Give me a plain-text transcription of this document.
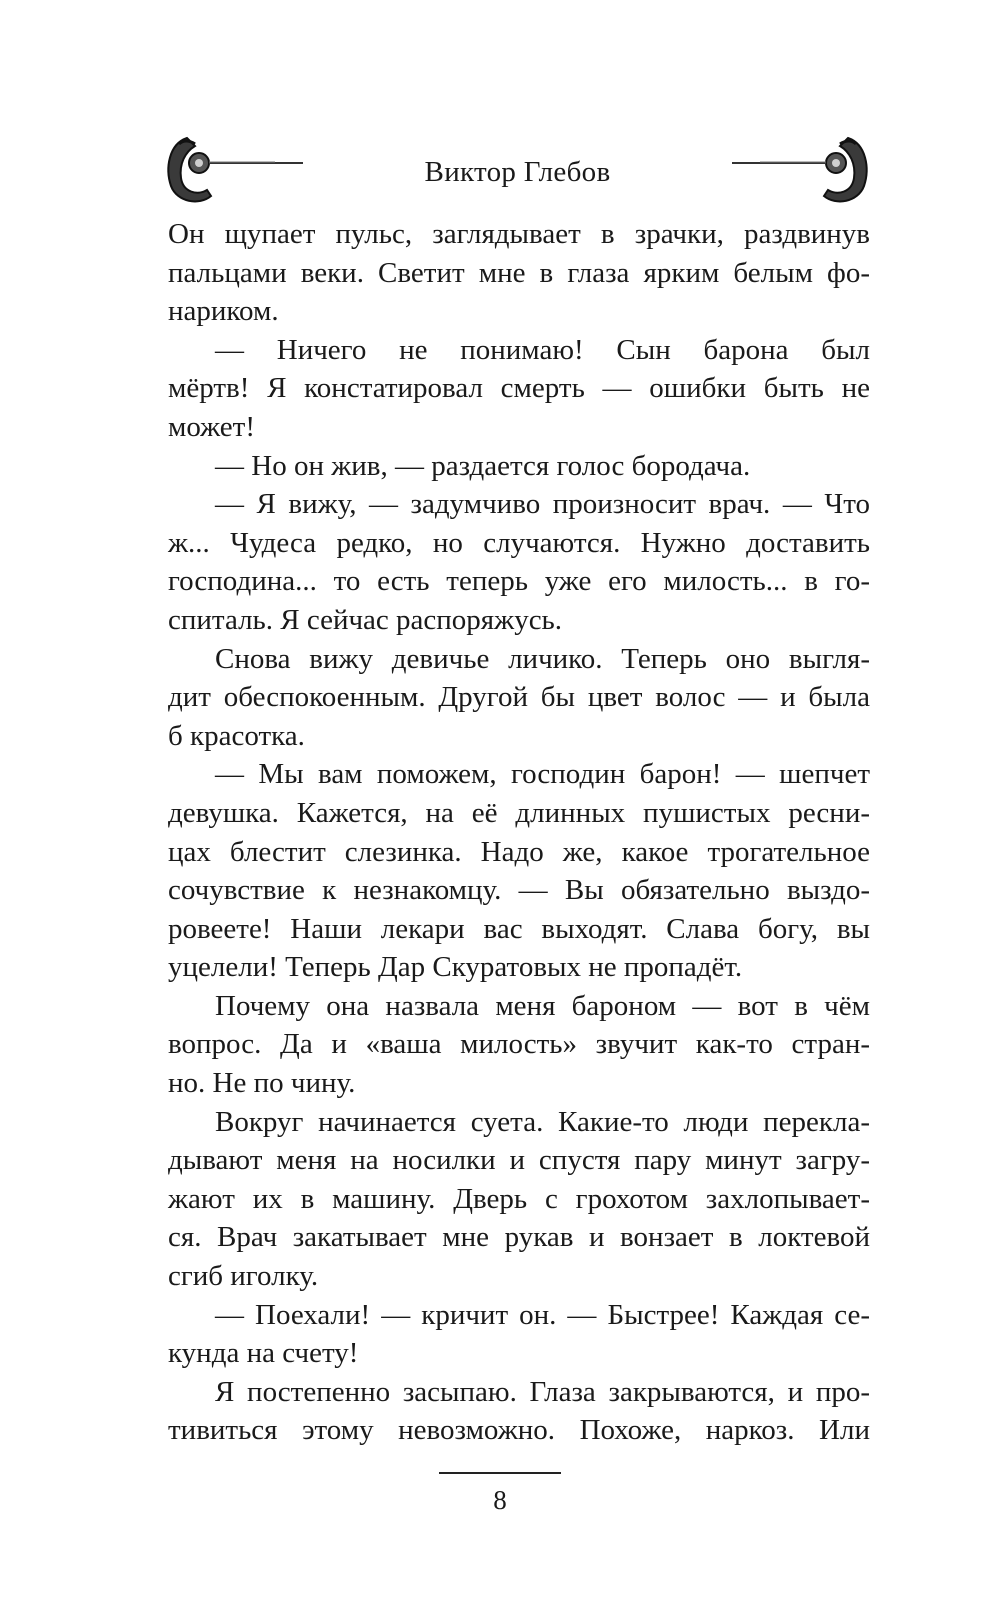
Виктор Глебов
Он щупает пульс, заглядывает в зрачки, раздвинув
пальцами веки. Светит мне в глаза ярким белым фо-
нариком.
— Ничего не понимаю! Сын барона был
мёртв! Я констатировал смерть — ошибки быть не
может!
— Но он жив, — раздается голос бородача.
— Я вижу, — задумчиво произносит врач. — Что
ж... Чудеса редко, но случаются. Нужно доставить
господина... то есть теперь уже его милость... в го-
спиталь. Я сейчас распоряжусь.
Снова вижу девичье личико. Теперь оно выгля-
дит обеспокоенным. Другой бы цвет волос — и была
б красотка.
— Мы вам поможем, господин барон! — шепчет
девушка. Кажется, на её длинных пушистых ресни-
цах блестит слезинка. Надо же, какое трогательное
сочувствие к незнакомцу. — Вы обязательно выздо-
ровеете! Наши лекари вас выходят. Слава богу, вы
уцелели! Теперь Дар Скуратовых не пропадёт.
Почему она назвала меня бароном — вот в чём
вопрос. Да и «ваша милость» звучит как-то стран-
но. Не по чину.
Вокруг начинается суета. Какие-то люди перекла-
дывают меня на носилки и спустя пару минут загру-
жают их в машину. Дверь с грохотом захлопывает-
ся. Врач закатывает мне рукав и вонзает в локтевой
сгиб иголку.
— Поехали! — кричит он. — Быстрее! Каждая се-
кунда на счету!
Я постепенно засыпаю. Глаза закрываются, и про-
тивиться этому невозможно. Похоже, наркоз. Или
8
